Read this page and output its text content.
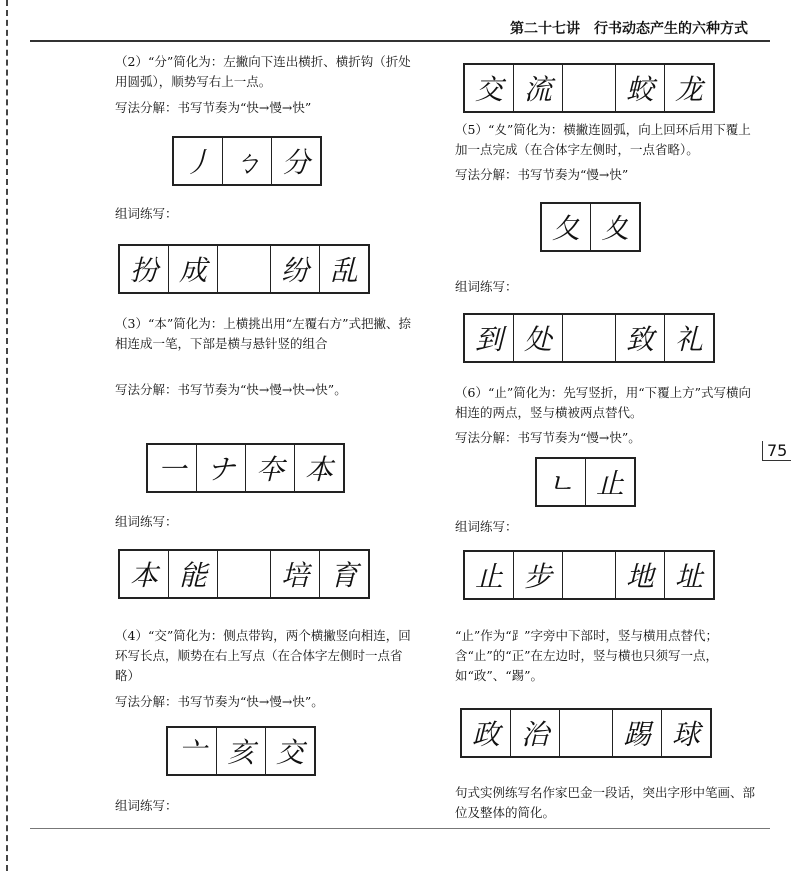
第二十七讲　行书动态产生的六种方式
75
（2）“分”简化为：左撇向下连出横折、横折钩（折处用圆弧），顺势写右上一点。
写法分解：书写节奏为“快→慢→快”
丿 ㄅ 分
组词练写：
扮 成	纷 乱
（3）“本”简化为：上横挑出用“左覆右方”式把撇、捺相连成一笔，下部是横与悬针竖的组合
写法分解：书写节奏为“快→慢→快→快”。
一 ナ 夲 本
组词练写：
本 能	培 育
（4）“交”简化为：侧点带钩，两个横撇竖向相连，回环写长点，顺势在右上写点（在合体字左侧时一点省略）
写法分解：书写节奏为“快→慢→快”。
亠 亥 交
组词练写：
交 流	蛟 龙
（5）“夊”简化为：横撇连圆弧，向上回环后用下覆上加一点完成（在合体字左侧时，一点省略）。
写法分解：书写节奏为“慢→快”
夂 夊
组词练写：
到 处	致 礼
（6）“止”简化为：先写竖折，用“下覆上方”式写横向相连的两点，竖与横被两点替代。
写法分解：书写节奏为“慢→快”。
ㄴ 止
组词练写：
止 步	地 址
“止”作为“⻊”字旁中下部时，竖与横用点替代；含“止”的“正”在左边时，竖与横也只须写一点，如“政”、“踢”。
政 治	踢 球
句式实例练写名作家巴金一段话，突出字形中笔画、部位及整体的简化。
